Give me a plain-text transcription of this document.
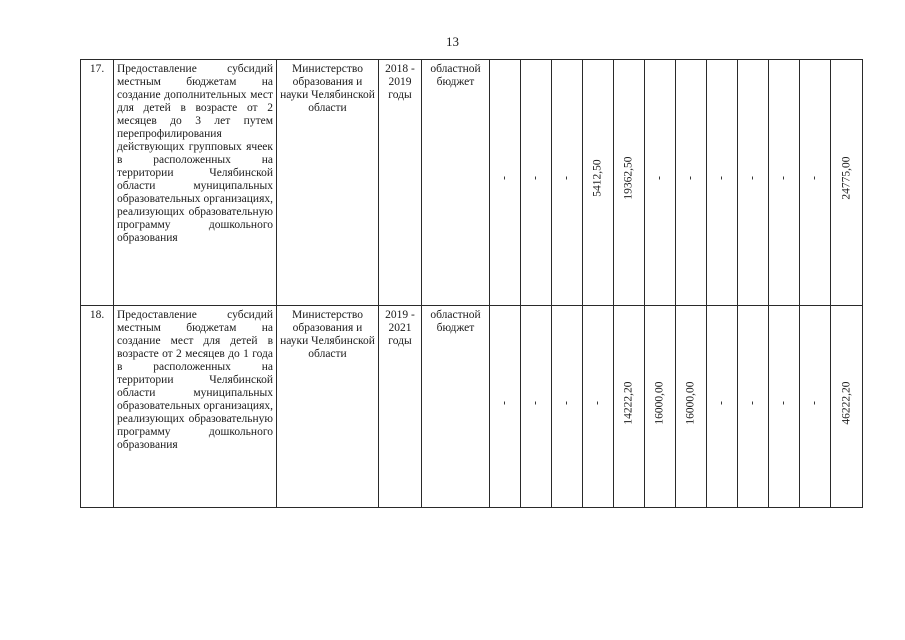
13
17.	Предоставление субсидий местным бюджетам на создание дополнительных мест для детей в возрасте от 2 месяцев до 3 лет путем перепрофилирования действующих групповых ячеек в расположенных на территории Челябинской области муниципальных образовательных организациях, реализующих образовательную программу дошкольного образования	Министерство образования и науки Челябинской области	2018 - 2019 годы	областной бюджет	-	-	-	5412,50	19362,50	-	-	-	-	-	-	24775,00

18.	Предоставление субсидий местным бюджетам на создание мест для детей в возрасте от 2 месяцев до 1 года в расположенных на территории Челябинской области муниципальных образовательных организациях, реализующих образовательную программу дошкольного образования	Министерство образования и науки Челябинской области	2019 - 2021 годы	областной бюджет	-	-	-	-	14222,20	16000,00	16000,00	-	-	-	-	46222,20
